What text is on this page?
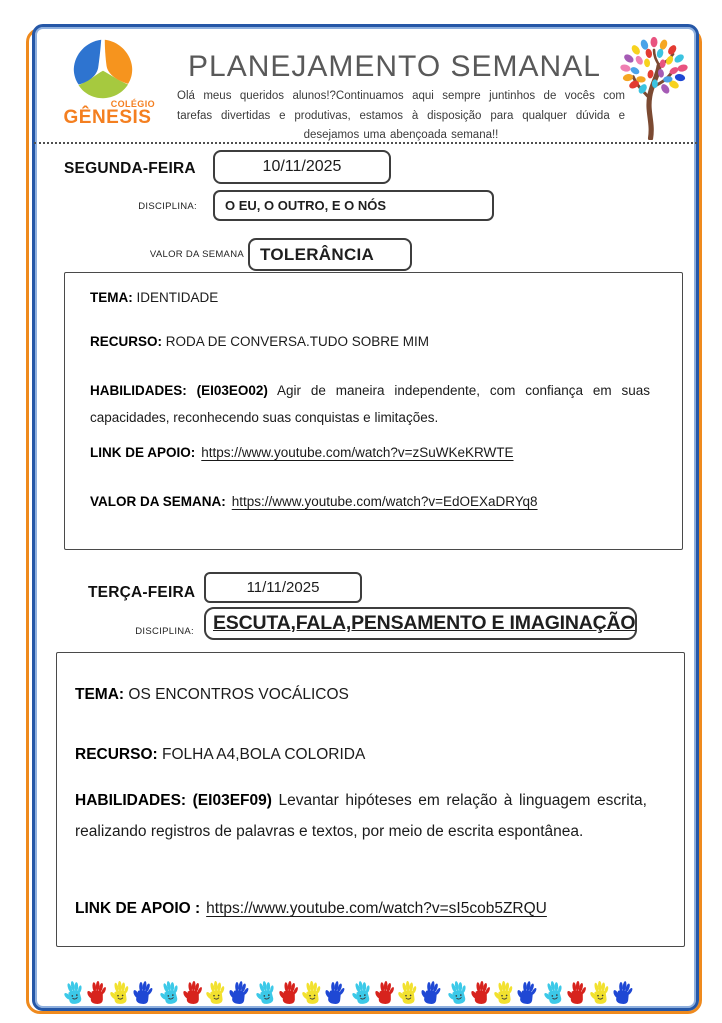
COLÉGIO
GÊNESIS
PLANEJAMENTO SEMANAL
Olá meus queridos alunos!?Continuamos aqui sempre juntinhos de vocês com tarefas divertidas e produtivas, estamos à disposição para qualquer dúvida e desejamos uma abençoada semana!!
SEGUNDA-FEIRA	10/11/2025
DISCIPLINA: O EU, O OUTRO, E O NÓS
VALOR DA SEMANA TOLERÂNCIA

TEMA: IDENTIDADE

RECURSO: RODA DE CONVERSA.TUDO SOBRE MIM

HABILIDADES: (EI03EO02) Agir de maneira independente, com confiança em suas capacidades, reconhecendo suas conquistas e limitações.

LINK DE APOIO: https://www.youtube.com/watch?v=zSuWKeKRWTE

VALOR DA SEMANA: https://www.youtube.com/watch?v=EdOEXaDRYq8

TERÇA-FEIRA	11/11/2025
DISCIPLINA: ESCUTA,FALA,PENSAMENTO E IMAGINAÇÃO

TEMA: OS ENCONTROS VOCÁLICOS

RECURSO: FOLHA A4,BOLA COLORIDA

HABILIDADES: (EI03EF09) Levantar hipóteses em relação à linguagem escrita, realizando registros de palavras e textos, por meio de escrita espontânea.

LINK DE APOIO : https://www.youtube.com/watch?v=sI5cob5ZRQU
